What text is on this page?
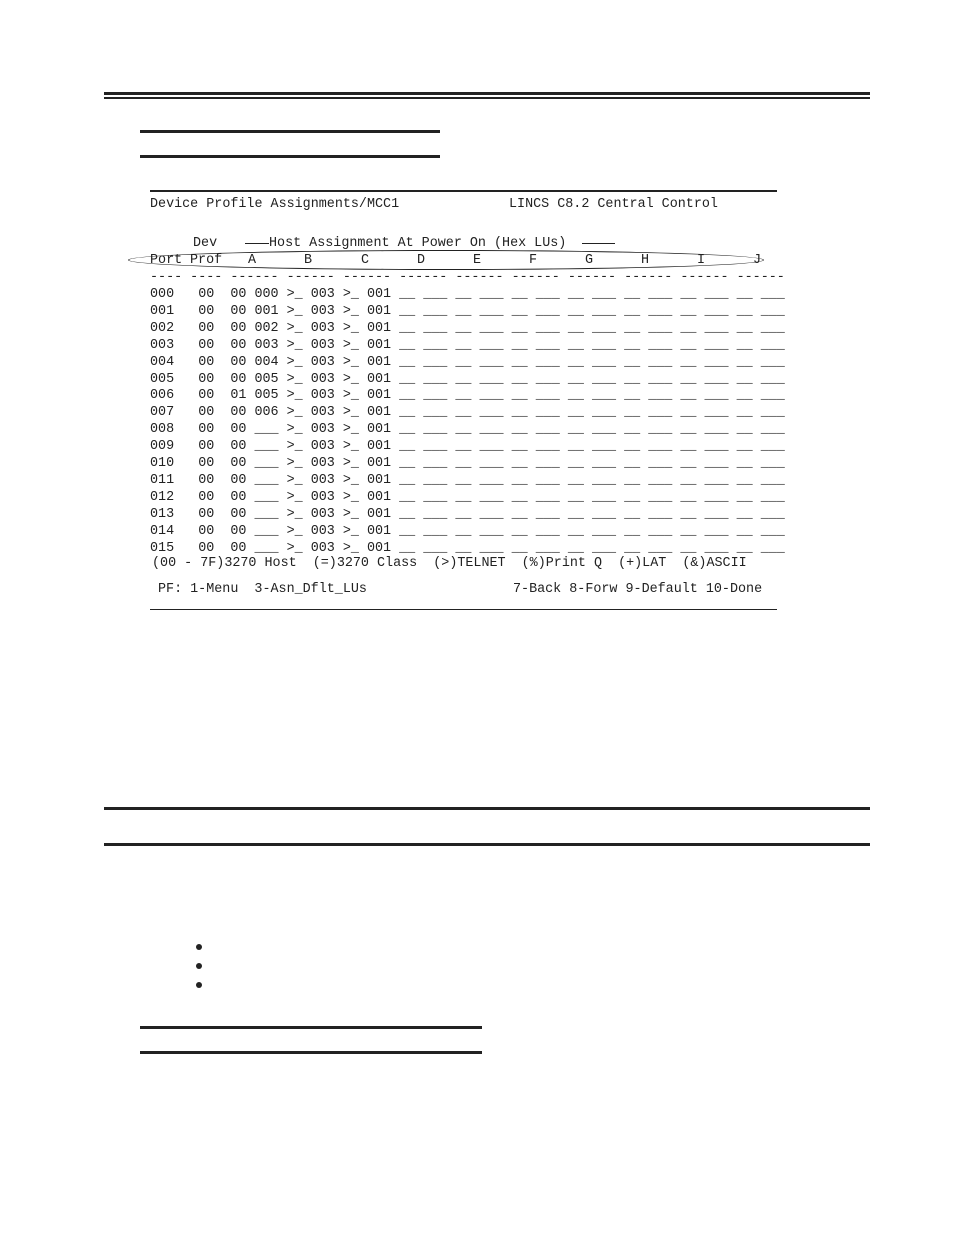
Device Profile Assignments/MCC1	LINCS C8.2 Central Control
Dev	Host Assignment At Power On (Hex LUs)
Port Prof A	B	C	D	E	F	G	H	I	J
---- ---- ------ ------ ------ ------ ------ ------ ------ ------ ------ ------
000   00  00 000 >_ 003 >_ 001 __ ___ __ ___ __ ___ __ ___ __ ___ __ ___ __ ___
001   00  00 001 >_ 003 >_ 001 __ ___ __ ___ __ ___ __ ___ __ ___ __ ___ __ ___
002   00  00 002 >_ 003 >_ 001 __ ___ __ ___ __ ___ __ ___ __ ___ __ ___ __ ___
003   00  00 003 >_ 003 >_ 001 __ ___ __ ___ __ ___ __ ___ __ ___ __ ___ __ ___
004   00  00 004 >_ 003 >_ 001 __ ___ __ ___ __ ___ __ ___ __ ___ __ ___ __ ___
005   00  00 005 >_ 003 >_ 001 __ ___ __ ___ __ ___ __ ___ __ ___ __ ___ __ ___
006   00  01 005 >_ 003 >_ 001 __ ___ __ ___ __ ___ __ ___ __ ___ __ ___ __ ___
007   00  00 006 >_ 003 >_ 001 __ ___ __ ___ __ ___ __ ___ __ ___ __ ___ __ ___
008   00  00 ___ >_ 003 >_ 001 __ ___ __ ___ __ ___ __ ___ __ ___ __ ___ __ ___
009   00  00 ___ >_ 003 >_ 001 __ ___ __ ___ __ ___ __ ___ __ ___ __ ___ __ ___
010   00  00 ___ >_ 003 >_ 001 __ ___ __ ___ __ ___ __ ___ __ ___ __ ___ __ ___
011   00  00 ___ >_ 003 >_ 001 __ ___ __ ___ __ ___ __ ___ __ ___ __ ___ __ ___
012   00  00 ___ >_ 003 >_ 001 __ ___ __ ___ __ ___ __ ___ __ ___ __ ___ __ ___
013   00  00 ___ >_ 003 >_ 001 __ ___ __ ___ __ ___ __ ___ __ ___ __ ___ __ ___
014   00  00 ___ >_ 003 >_ 001 __ ___ __ ___ __ ___ __ ___ __ ___ __ ___ __ ___
015   00  00 ___ >_ 003 >_ 001 __ ___ __ ___ __ ___ __ ___ __ ___ __ ___ __ ___
(00 - 7F)3270 Host  (=)3270 Class  (>)TELNET  (%)Print Q  (+)LAT  (&)ASCII
PF: 1-Menu  3-Asn_Dflt_LUs	7-Back 8-Forw 9-Default 10-Done
